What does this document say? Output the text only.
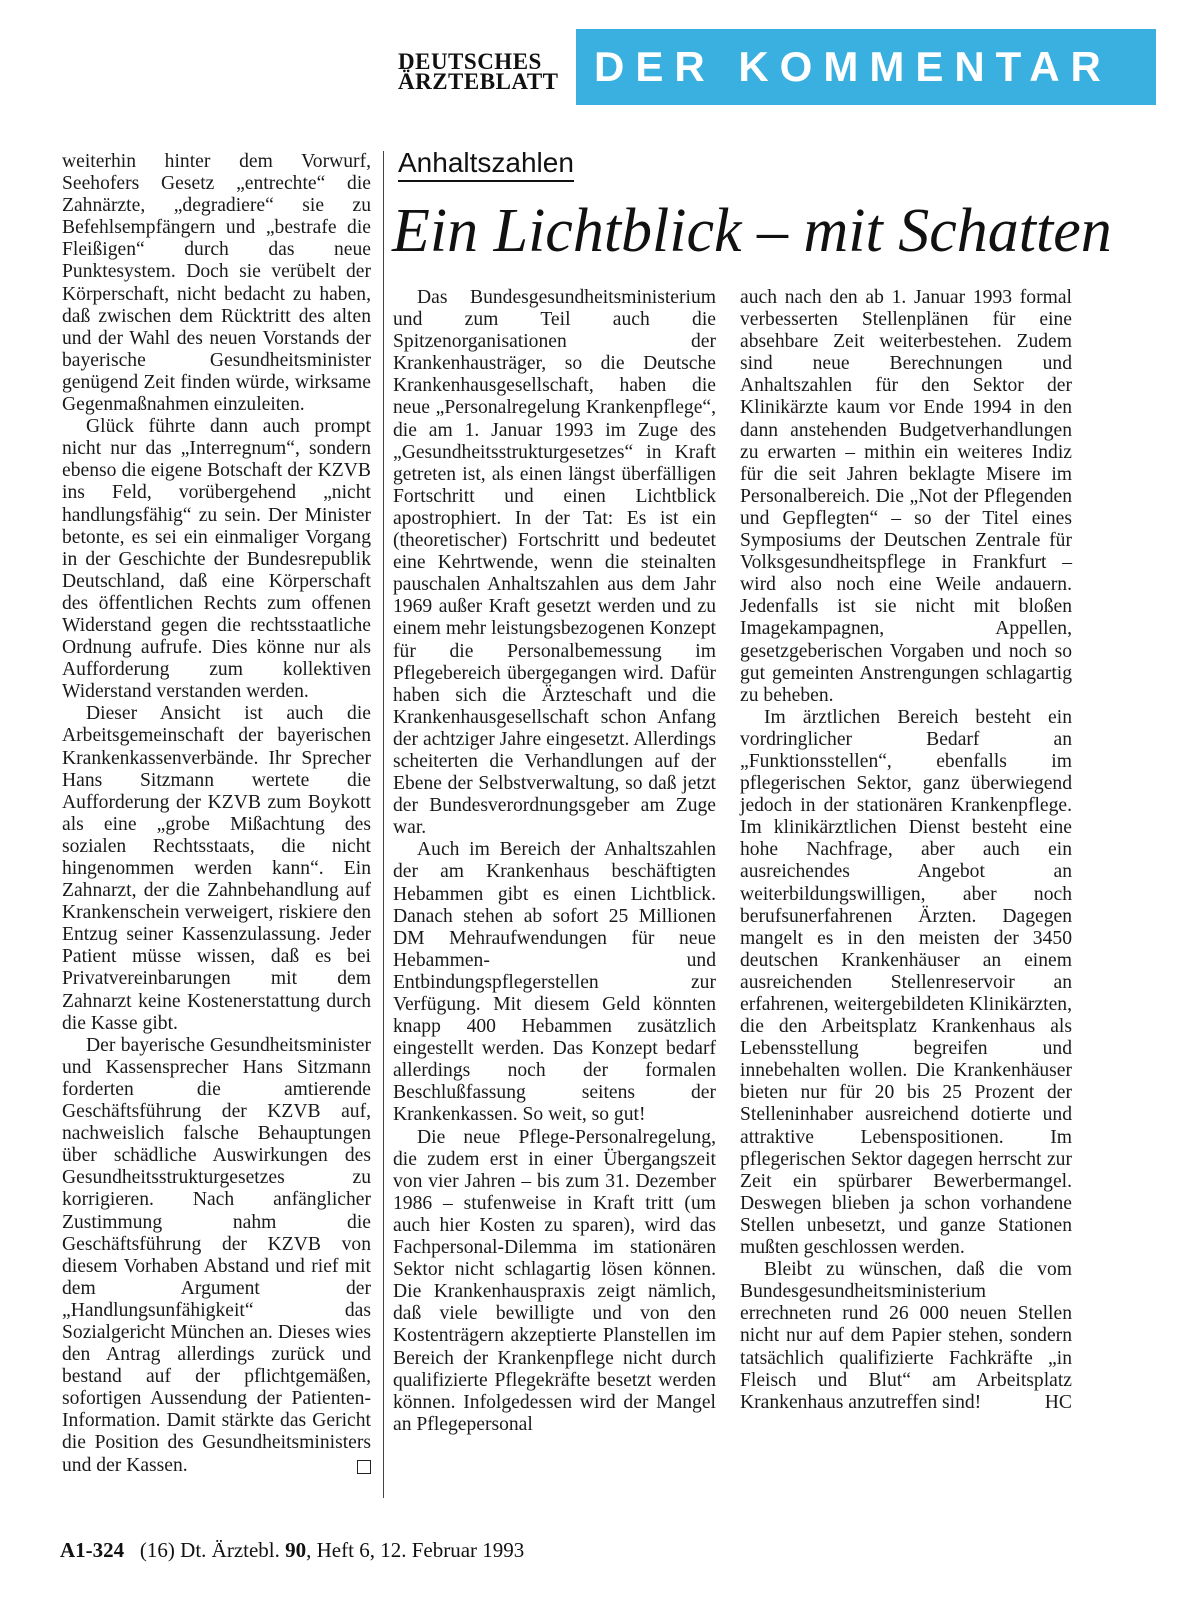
DEUTSCHES
ÄRZTEBLATT DER KOMMENTAR

weiterhin hinter dem Vorwurf, Seehofers Gesetz „entrechte“ die Zahnärzte, „degradiere“ sie zu Befehlsempfängern und „bestrafe die Fleißigen“ durch das neue Punktesystem. Doch sie verübelt der Körperschaft, nicht bedacht zu haben, daß zwischen dem Rücktritt des alten und der Wahl des neuen Vorstands der bayerische Gesundheitsminister genügend Zeit finden würde, wirksame Gegenmaßnahmen einzuleiten.

Glück führte dann auch prompt nicht nur das „Interregnum“, sondern ebenso die eigene Botschaft der KZVB ins Feld, vorübergehend „nicht handlungsfähig“ zu sein. Der Minister betonte, es sei ein einmaliger Vorgang in der Geschichte der Bundesrepublik Deutschland, daß eine Körperschaft des öffentlichen Rechts zum offenen Widerstand gegen die rechtsstaatliche Ordnung aufrufe. Dies könne nur als Aufforderung zum kollektiven Widerstand verstanden werden.

Dieser Ansicht ist auch die Arbeitsgemeinschaft der bayerischen Krankenkassenverbände. Ihr Sprecher Hans Sitzmann wertete die Aufforderung der KZVB zum Boykott als eine „grobe Mißachtung des sozialen Rechtsstaats, die nicht hingenommen werden kann“. Ein Zahnarzt, der die Zahnbehandlung auf Krankenschein verweigert, riskiere den Entzug seiner Kassenzulassung. Jeder Patient müsse wissen, daß es bei Privatvereinbarungen mit dem Zahnarzt keine Kostenerstattung durch die Kasse gibt.

Der bayerische Gesundheitsminister und Kassensprecher Hans Sitzmann forderten die amtierende Geschäftsführung der KZVB auf, nachweislich falsche Behauptungen über schädliche Auswirkungen des Gesundheitsstrukturgesetzes zu korrigieren. Nach anfänglicher Zustimmung nahm die Geschäftsführung der KZVB von diesem Vorhaben Abstand und rief mit dem Argument der „Handlungsunfähigkeit“ das Sozialgericht München an. Dieses wies den Antrag allerdings zurück und bestand auf der pflichtgemäßen, sofortigen Aussendung der Patienten-Information. Damit stärkte das Gericht die Position des Gesundheitsministers und der Kassen.

Anhaltszahlen
Ein Lichtblick – mit Schatten

Das Bundesgesundheitsministerium und zum Teil auch die Spitzenorganisationen der Krankenhausträger, so die Deutsche Krankenhausgesellschaft, haben die neue „Personalregelung Krankenpflege“, die am 1. Januar 1993 im Zuge des „Gesundheitsstrukturgesetzes“ in Kraft getreten ist, als einen längst überfälligen Fortschritt und einen Lichtblick apostrophiert. In der Tat: Es ist ein (theoretischer) Fortschritt und bedeutet eine Kehrtwende, wenn die steinalten pauschalen Anhaltszahlen aus dem Jahr 1969 außer Kraft gesetzt werden und zu einem mehr leistungsbezogenen Konzept für die Personalbemessung im Pflegebereich übergegangen wird. Dafür haben sich die Ärzteschaft und die Krankenhausgesellschaft schon Anfang der achtziger Jahre eingesetzt. Allerdings scheiterten die Verhandlungen auf der Ebene der Selbstverwaltung, so daß jetzt der Bundesverordnungsgeber am Zuge war.

Auch im Bereich der Anhaltszahlen der am Krankenhaus beschäftigten Hebammen gibt es einen Lichtblick. Danach stehen ab sofort 25 Millionen DM Mehraufwendungen für neue Hebammen- und Entbindungspflegerstellen zur Verfügung. Mit diesem Geld könnten knapp 400 Hebammen zusätzlich eingestellt werden. Das Konzept bedarf allerdings noch der formalen Beschlußfassung seitens der Krankenkassen. So weit, so gut!

Die neue Pflege-Personalregelung, die zudem erst in einer Übergangszeit von vier Jahren – bis zum 31. Dezember 1986 – stufenweise in Kraft tritt (um auch hier Kosten zu sparen), wird das Fachpersonal-Dilemma im stationären Sektor nicht schlagartig lösen können. Die Krankenhauspraxis zeigt nämlich, daß viele bewilligte und von den Kostenträgern akzeptierte Planstellen im Bereich der Krankenpflege nicht durch qualifizierte Pflegekräfte besetzt werden können. Infolgedessen wird der Mangel an Pflegepersonal

auch nach den ab 1. Januar 1993 formal verbesserten Stellenplänen für eine absehbare Zeit weiterbestehen. Zudem sind neue Berechnungen und Anhaltszahlen für den Sektor der Klinikärzte kaum vor Ende 1994 in den dann anstehenden Budgetverhandlungen zu erwarten – mithin ein weiteres Indiz für die seit Jahren beklagte Misere im Personalbereich. Die „Not der Pflegenden und Gepflegten“ – so der Titel eines Symposiums der Deutschen Zentrale für Volksgesundheitspflege in Frankfurt – wird also noch eine Weile andauern. Jedenfalls ist sie nicht mit bloßen Imagekampagnen, Appellen, gesetzgeberischen Vorgaben und noch so gut gemeinten Anstrengungen schlagartig zu beheben.

Im ärztlichen Bereich besteht ein vordringlicher Bedarf an „Funktionsstellen“, ebenfalls im pflegerischen Sektor, ganz überwiegend jedoch in der stationären Krankenpflege. Im klinikärztlichen Dienst besteht eine hohe Nachfrage, aber auch ein ausreichendes Angebot an weiterbildungswilligen, aber noch berufsunerfahrenen Ärzten. Dagegen mangelt es in den meisten der 3450 deutschen Krankenhäuser an einem ausreichenden Stellenreservoir an erfahrenen, weitergebildeten Klinikärzten, die den Arbeitsplatz Krankenhaus als Lebensstellung begreifen und innebehalten wollen. Die Krankenhäuser bieten nur für 20 bis 25 Prozent der Stelleninhaber ausreichend dotierte und attraktive Lebenspositionen. Im pflegerischen Sektor dagegen herrscht zur Zeit ein spürbarer Bewerbermangel. Deswegen blieben ja schon vorhandene Stellen unbesetzt, und ganze Stationen mußten geschlossen werden.

Bleibt zu wünschen, daß die vom Bundesgesundheitsministerium errechneten rund 26 000 neuen Stellen nicht nur auf dem Papier stehen, sondern tatsächlich qualifizierte Fachkräfte „in Fleisch und Blut“ am Arbeitsplatz Krankenhaus anzutreffen sind!	HC

A1-324 (16) Dt. Ärztebl. 90, Heft 6, 12. Februar 1993
